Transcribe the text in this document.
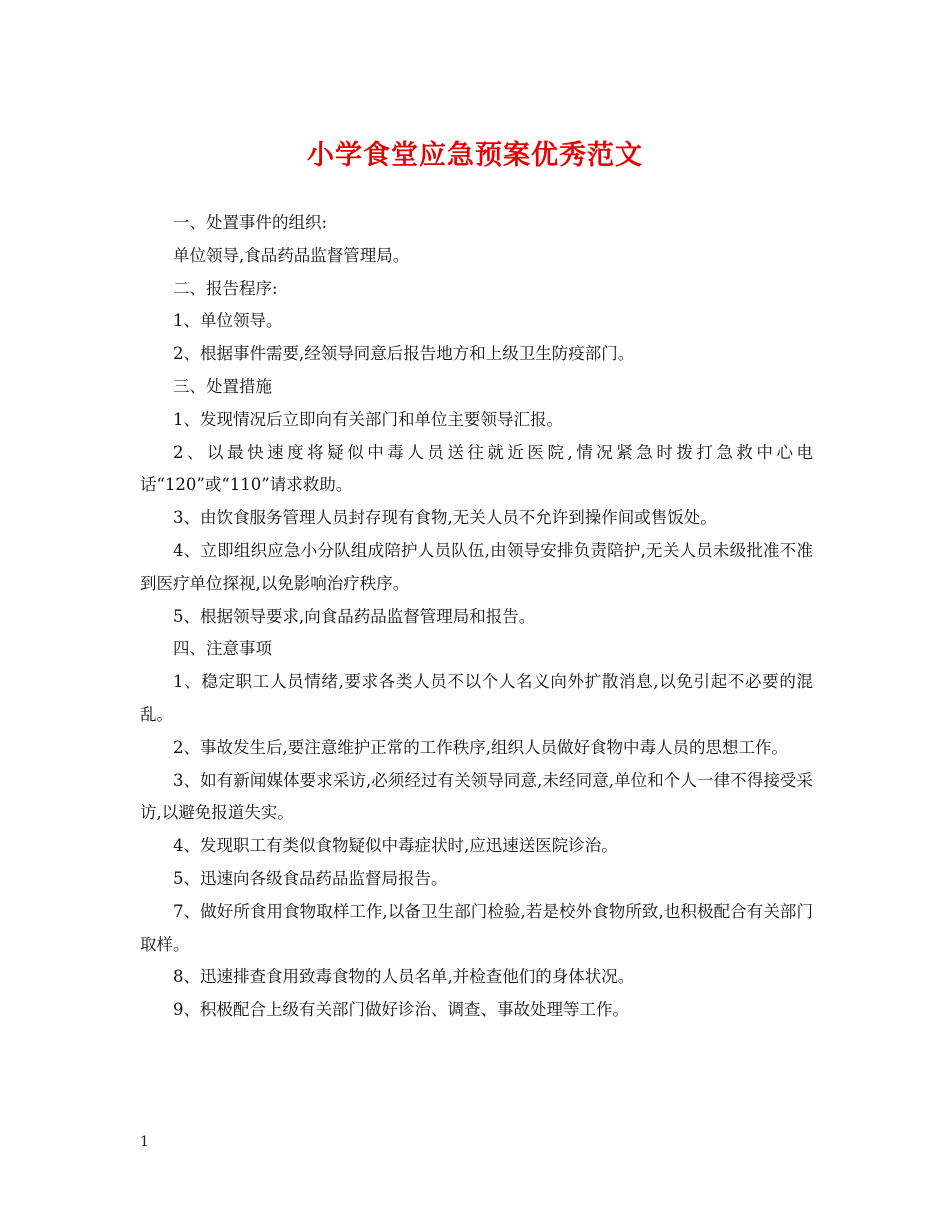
小学食堂应急预案优秀范文

一、处置事件的组织:

单位领导,食品药品监督管理局。

二、报告程序:

1、单位领导。

2、根据事件需要,经领导同意后报告地方和上级卫生防疫部门。

三、处置措施

1、发现情况后立即向有关部门和单位主要领导汇报。

2、以最快速度将疑似中毒人员送往就近医院,情况紧急时拨打急救中心电话“120”或“110”请求救助。

3、由饮食服务管理人员封存现有食物,无关人员不允许到操作间或售饭处。

4、立即组织应急小分队组成陪护人员队伍,由领导安排负责陪护,无关人员未级批准不准到医疗单位探视,以免影响治疗秩序。

5、根据领导要求,向食品药品监督管理局和报告。

四、注意事项

1、稳定职工人员情绪,要求各类人员不以个人名义向外扩散消息,以免引起不必要的混乱。

2、事故发生后,要注意维护正常的工作秩序,组织人员做好食物中毒人员的思想工作。

3、如有新闻媒体要求采访,必须经过有关领导同意,未经同意,单位和个人一律不得接受采访,以避免报道失实。

4、发现职工有类似食物疑似中毒症状时,应迅速送医院诊治。

5、迅速向各级食品药品监督局报告。

7、做好所食用食物取样工作,以备卫生部门检验,若是校外食物所致,也积极配合有关部门取样。

8、迅速排查食用致毒食物的人员名单,并检查他们的身体状况。

9、积极配合上级有关部门做好诊治、调查、事故处理等工作。

1
